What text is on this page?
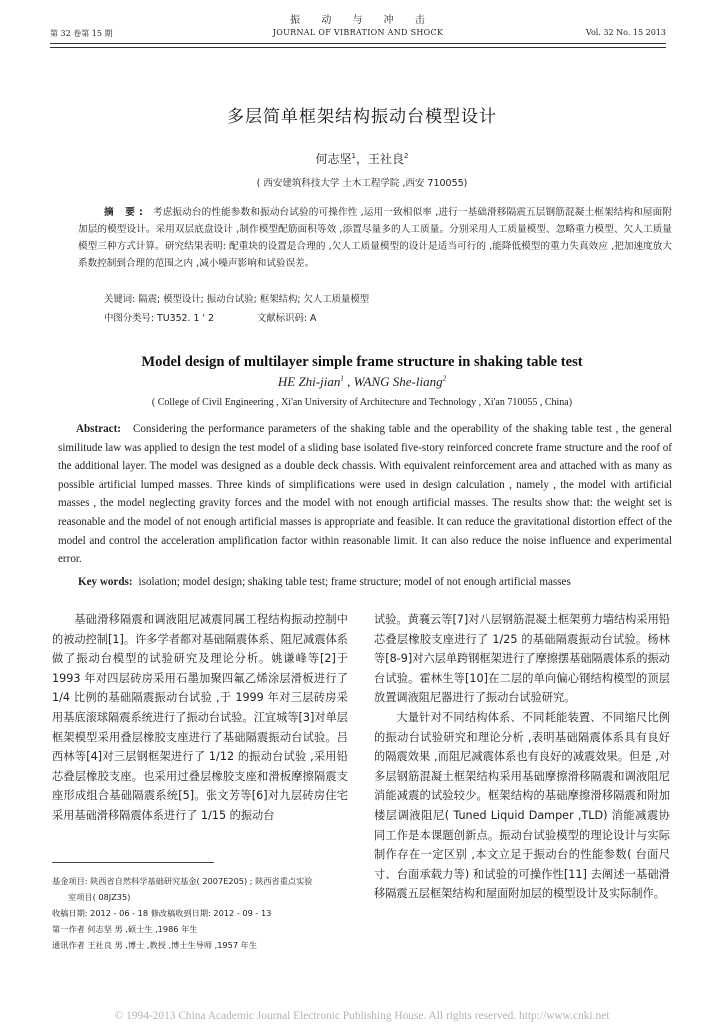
振 动 与 冲 击
第 32 卷第 15 期	JOURNAL OF VIBRATION AND SHOCK	Vol. 32 No. 15 2013
多层简单框架结构振动台模型设计
何志坚$^1$，王社良$^2$
( 西安建筑科技大学 土木工程学院 ,西安 710055)
摘 要: 考虑振动台的性能参数和振动台试验的可操作性 ,运用一致相似率 ,进行一基础滑移隔震五层钢筋混凝土框架结构和屋面附加层的模型设计。采用双层底盘设计 ,制作模型配筋面积等效 ,添置尽量多的人工质量。分别采用人工质量模型、忽略重力模型、欠人工质量模型三种方式计算。研究结果表明: 配重块的设置是合理的 ,欠人工质量模型的设计是适当可行的 ,能降低模型的重力失真效应 ,把加速度放大系数控制到合理的范围之内 ,减小噪声影响和试验误差。
关键词: 隔震; 模型设计; 振动台试验; 框架结构; 欠人工质量模型
中图分类号: TU352. 1 ' 2	文献标识码: A
Model design of multilayer simple frame structure in shaking table test
HE Zhi-jian$^1$ , WANG She-liang$^2$
( College of Civil Engineering , Xi'an University of Architecture and Technology , Xi'an 710055 , China)
Abstract: Considering the performance parameters of the shaking table and the operability of the shaking table test , the general similitude law was applied to design the test model of a sliding base isolated five-story reinforced concrete frame structure and the roof of the additional layer. The model was designed as a double deck chassis. With equivalent reinforcement area and attached with as many as possible artificial lumped masses. Three kinds of simplifications were used in design calculation , namely , the model with artificial masses , the model neglecting gravity forces and the model with not enough artificial masses. The results show that: the weight set is reasonable and the model of not enough artificial masses is appropriate and feasible. It can reduce the gravitational distortion effect of the model and control the acceleration amplification factor within reasonable limit. It can also reduce the noise influence and experimental error.
Key words: isolation; model design; shaking table test; frame structure; model of not enough artificial masses

基础滑移隔震和调液阻尼减震同属工程结构振动控制中的被动控制[1]。许多学者都对基础隔震体系、阻尼减震体系做了振动台模型的试验研究及理论分析。姚谦峰等[2]于 1993 年对四层砖房采用石墨加聚四氟乙烯涂层滑板进行了 1/4 比例的基础隔震振动台试验 ,于 1999 年对三层砖房采用基底滚球隔震系统进行了振动台试验。江宜城等[3]对单层框架模型采用叠层橡胶支座进行了基础隔震振动台试验。吕西林等[4]对三层钢框架进行了 1/12 的振动台试验 ,采用铅芯叠层橡胶支座。也采用过叠层橡胶支座和滑板摩擦隔震支座形成组合基础隔震系统[5]。张文芳等[6]对九层砖房住宅采用基础滑移隔震体系进行了 1/15 的振动台

试验。黄襄云等[7]对八层钢筋混凝土框架剪力墙结构采用铅芯叠层橡胶支座进行了 1/25 的基础隔震振动台试验。杨林等[8-9]对六层单跨钢框架进行了摩擦摆基础隔震体系的振动台试验。霍林生等[10]在二层的单向偏心钢结构模型的顶层放置调液阻尼器进行了振动台试验研究。

大量针对不同结构体系、不同耗能装置、不同缩尺比例的振动台试验研究和理论分析 ,表明基础隔震体系具有良好的隔震效果 ,而阻尼减震体系也有良好的减震效果。但是 ,对多层钢筋混凝土框架结构采用基础摩擦滑移隔震和调液阻尼消能减震的试验较少。框架结构的基础摩擦滑移隔震和附加楼层调液阻尼( Tuned Liquid Damper ,TLD) 消能减震协同工作是本课题创新点。振动台试验模型的理论设计与实际制作存在一定区别 ,本文立足于振动台的性能参数( 台面尺寸、台面承载力等) 和试验的可操作性[11] 去阐述一基础滑移隔震五层框架结构和屋面附加层的模型设计及实际制作。

基金项目: 陕西省自然科学基础研究基金( 2007E205) ; 陕西省重点实验
室项目( 08JZ35)
收稿日期: 2012 - 06 - 18 修改稿收到日期: 2012 - 09 - 13
第一作者 何志坚 男 ,硕士生 ,1986 年生
通讯作者 王社良 男 ,博士 ,教授 ,博士生导师 ,1957 年生
© 1994-2013 China Academic Journal Electronic Publishing House. All rights reserved. http://www.cnki.net
